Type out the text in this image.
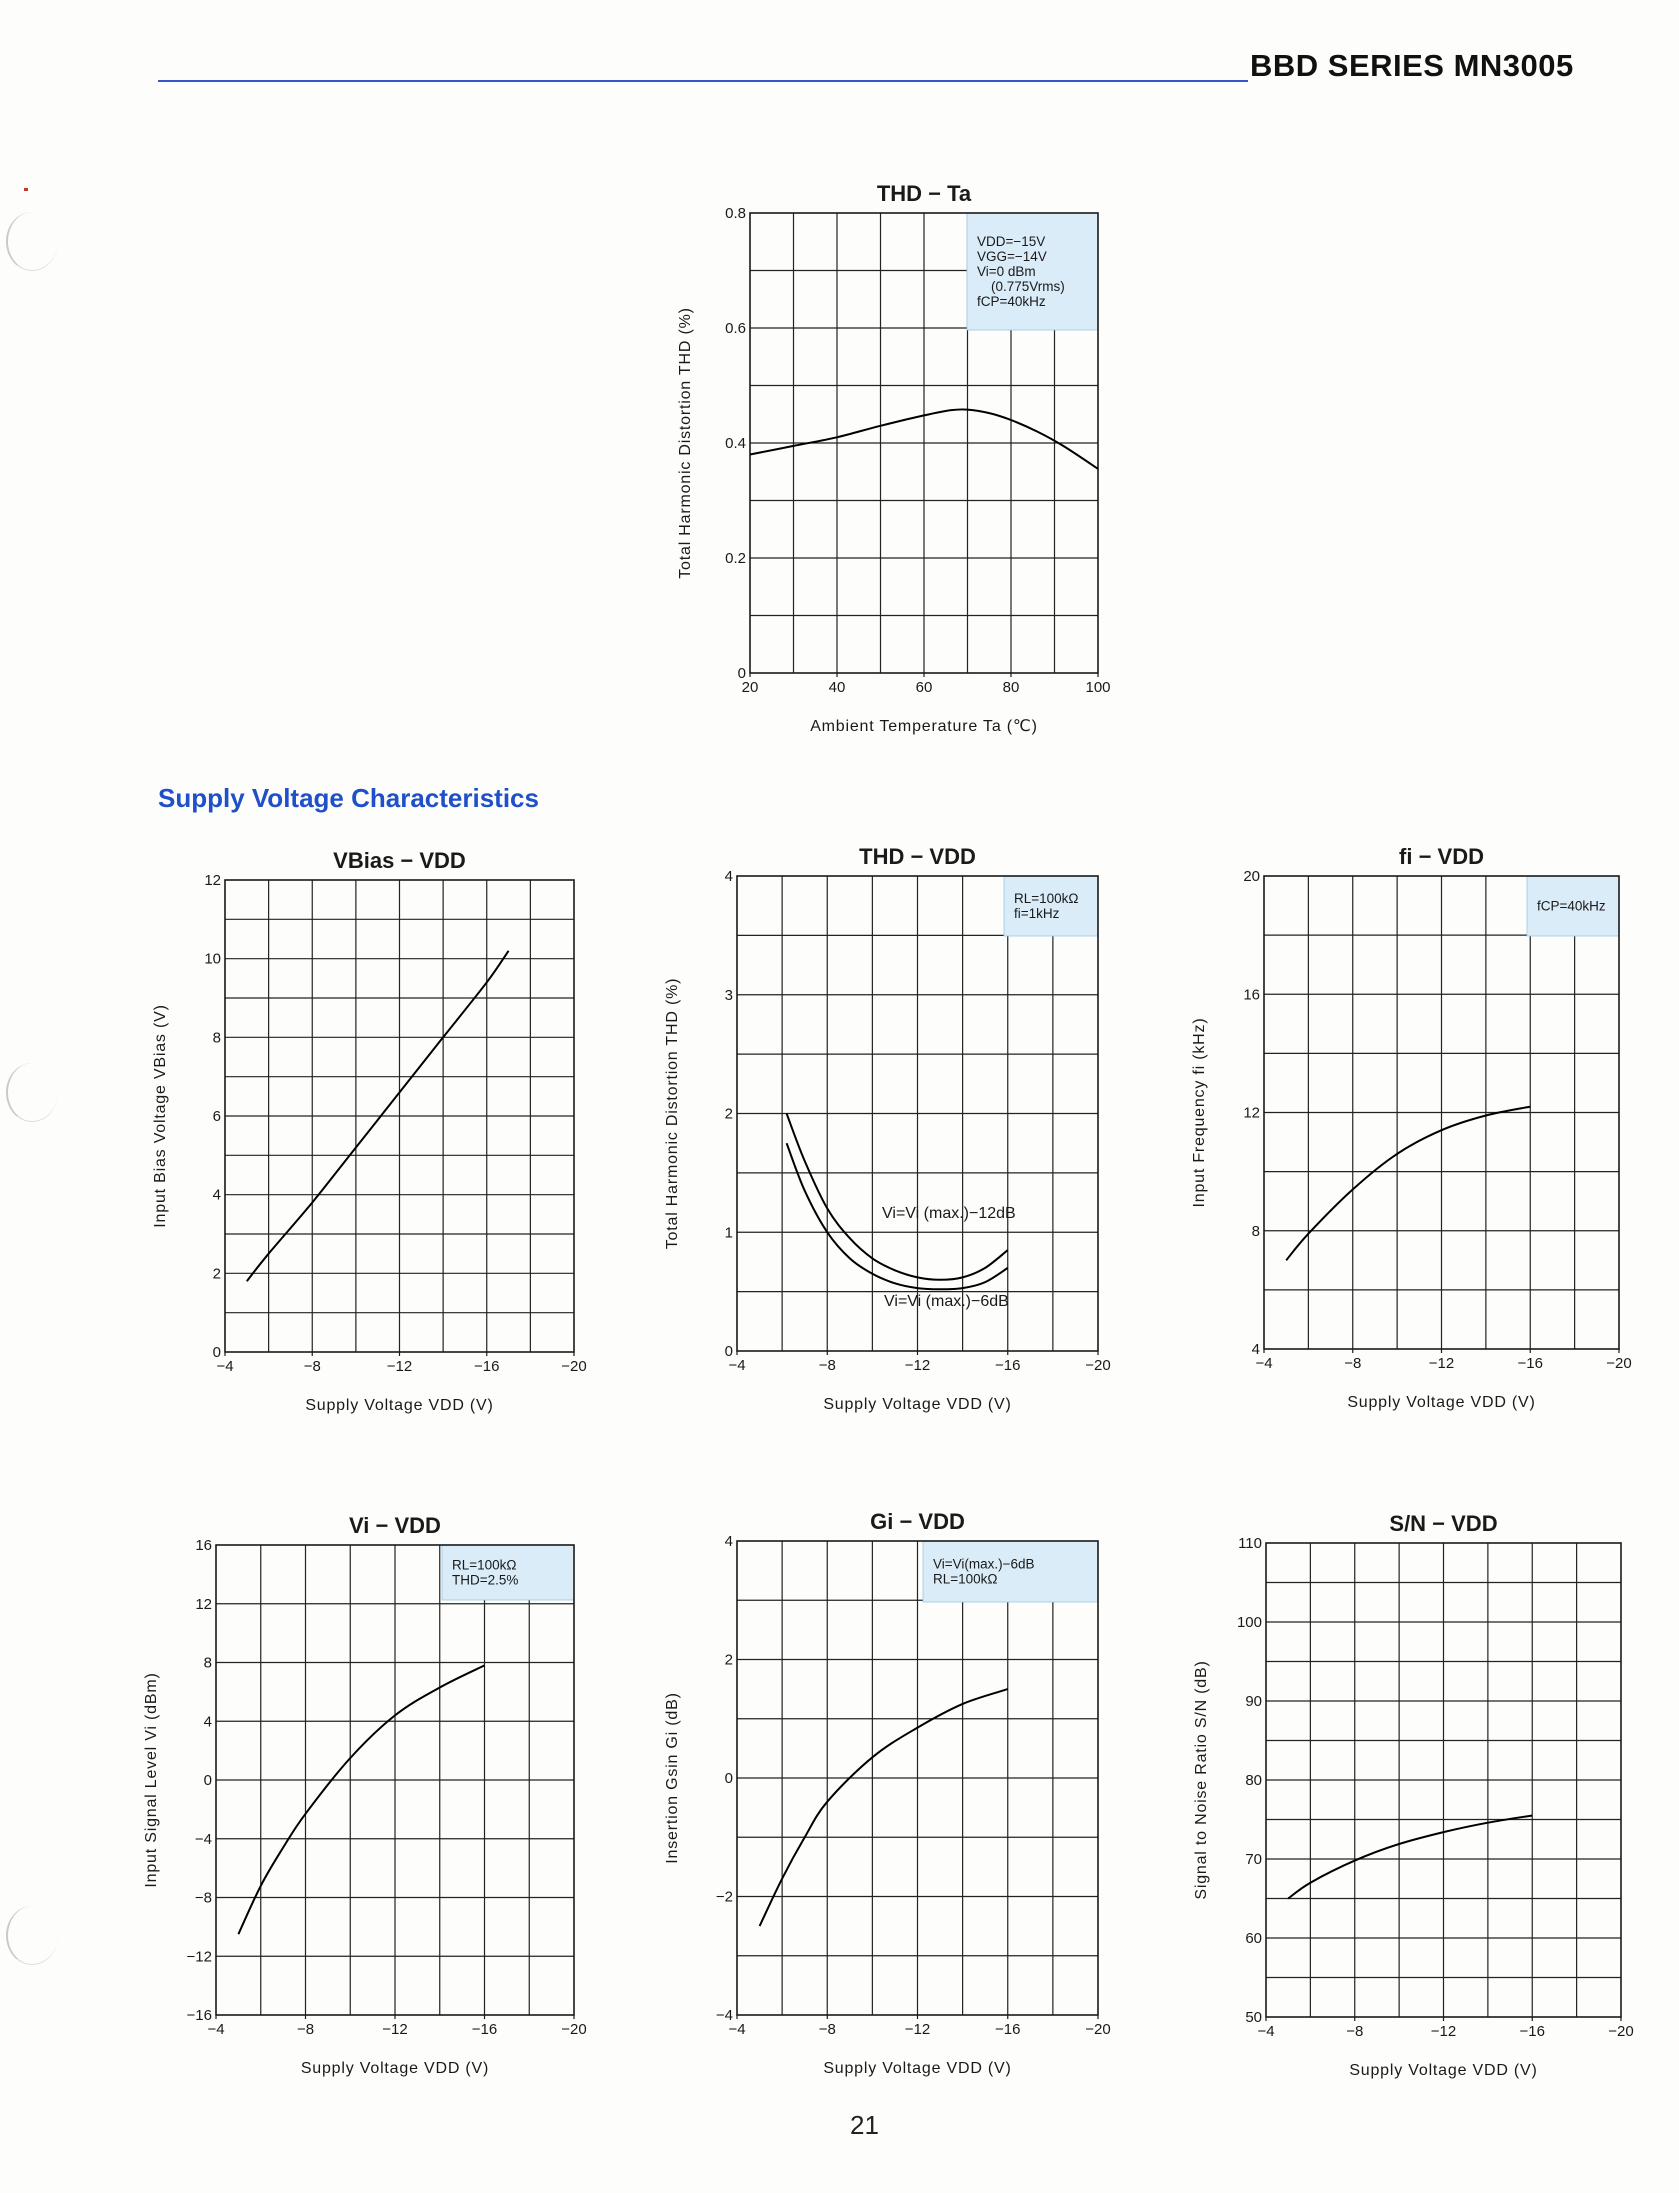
BBD SERIES MN3005
Supply Voltage Characteristics
21
VDD=−15V
VGG=−14V
Vi=0 dBm
(0.775Vrms)
fCP=40kHz
20	40	60	80	100
0
0.2
0.4
0.6
0.8
THD − Ta
Ambient Temperature Ta (℃)
Total Harmonic Distortion THD (%)
−4	−8	−12	−16	−20
0
2
4
6
8
10
12
VBias − VDD
Supply Voltage VDD (V)
Input Bias Voltage VBias (V)
RL=100kΩ
fi=1kHz
−4	−8	−12	−16	−20
0
1
2
3
4
THD − VDD
Supply Voltage VDD (V)
Total Harmonic Distortion THD (%)	Vi=Vi (max.)−12dB
Vi=Vi (max.)−6dB
fCP=40kHz
−4	−8	−12	−16	−20
4
8
12
16
20
fi − VDD
Supply Voltage VDD (V)
Input Frequency fi (kHz)
RL=100kΩ
THD=2.5%
−4	−8	−12	−16	−20
−16
−12
−8
−4
0
4
8
12
16
Vi − VDD
Supply Voltage VDD (V)
Input Signal Level Vi (dBm)
Vi=Vi(max.)−6dB
RL=100kΩ
−4	−8	−12	−16	−20
−4
−2
0
2
4
Gi − VDD
Supply Voltage VDD (V)
Insertion Gsin Gi (dB)
−4	−8	−12	−16	−20
50
60
70
80
90
100
110
S/N − VDD
Supply Voltage VDD (V)
Signal to Noise Ratio S/N (dB)
